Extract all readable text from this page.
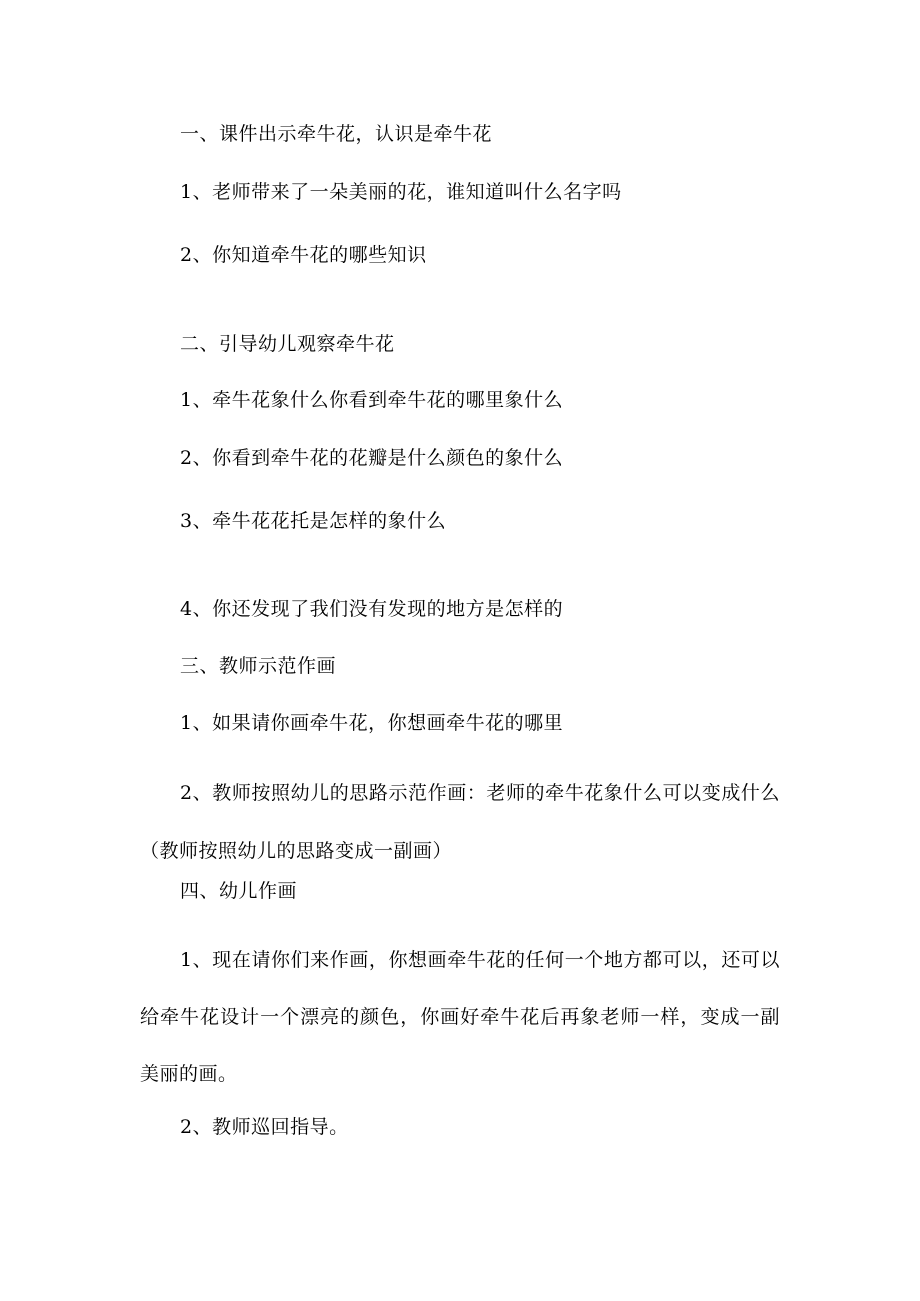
一、课件出示牵牛花，认识是牵牛花
1、老师带来了一朵美丽的花，谁知道叫什么名字吗
2、你知道牵牛花的哪些知识
二、引导幼儿观察牵牛花
1、牵牛花象什么你看到牵牛花的哪里象什么
2、你看到牵牛花的花瓣是什么颜色的象什么
3、牵牛花花托是怎样的象什么
4、你还发现了我们没有发现的地方是怎样的
三、教师示范作画
1、如果请你画牵牛花，你想画牵牛花的哪里
2、教师按照幼儿的思路示范作画：老师的牵牛花象什么可以变成什么（教师按照幼儿的思路变成一副画）
四、幼儿作画
1、现在请你们来作画，你想画牵牛花的任何一个地方都可以，还可以给牵牛花设计一个漂亮的颜色，你画好牵牛花后再象老师一样，变成一副美丽的画。
2、教师巡回指导。
